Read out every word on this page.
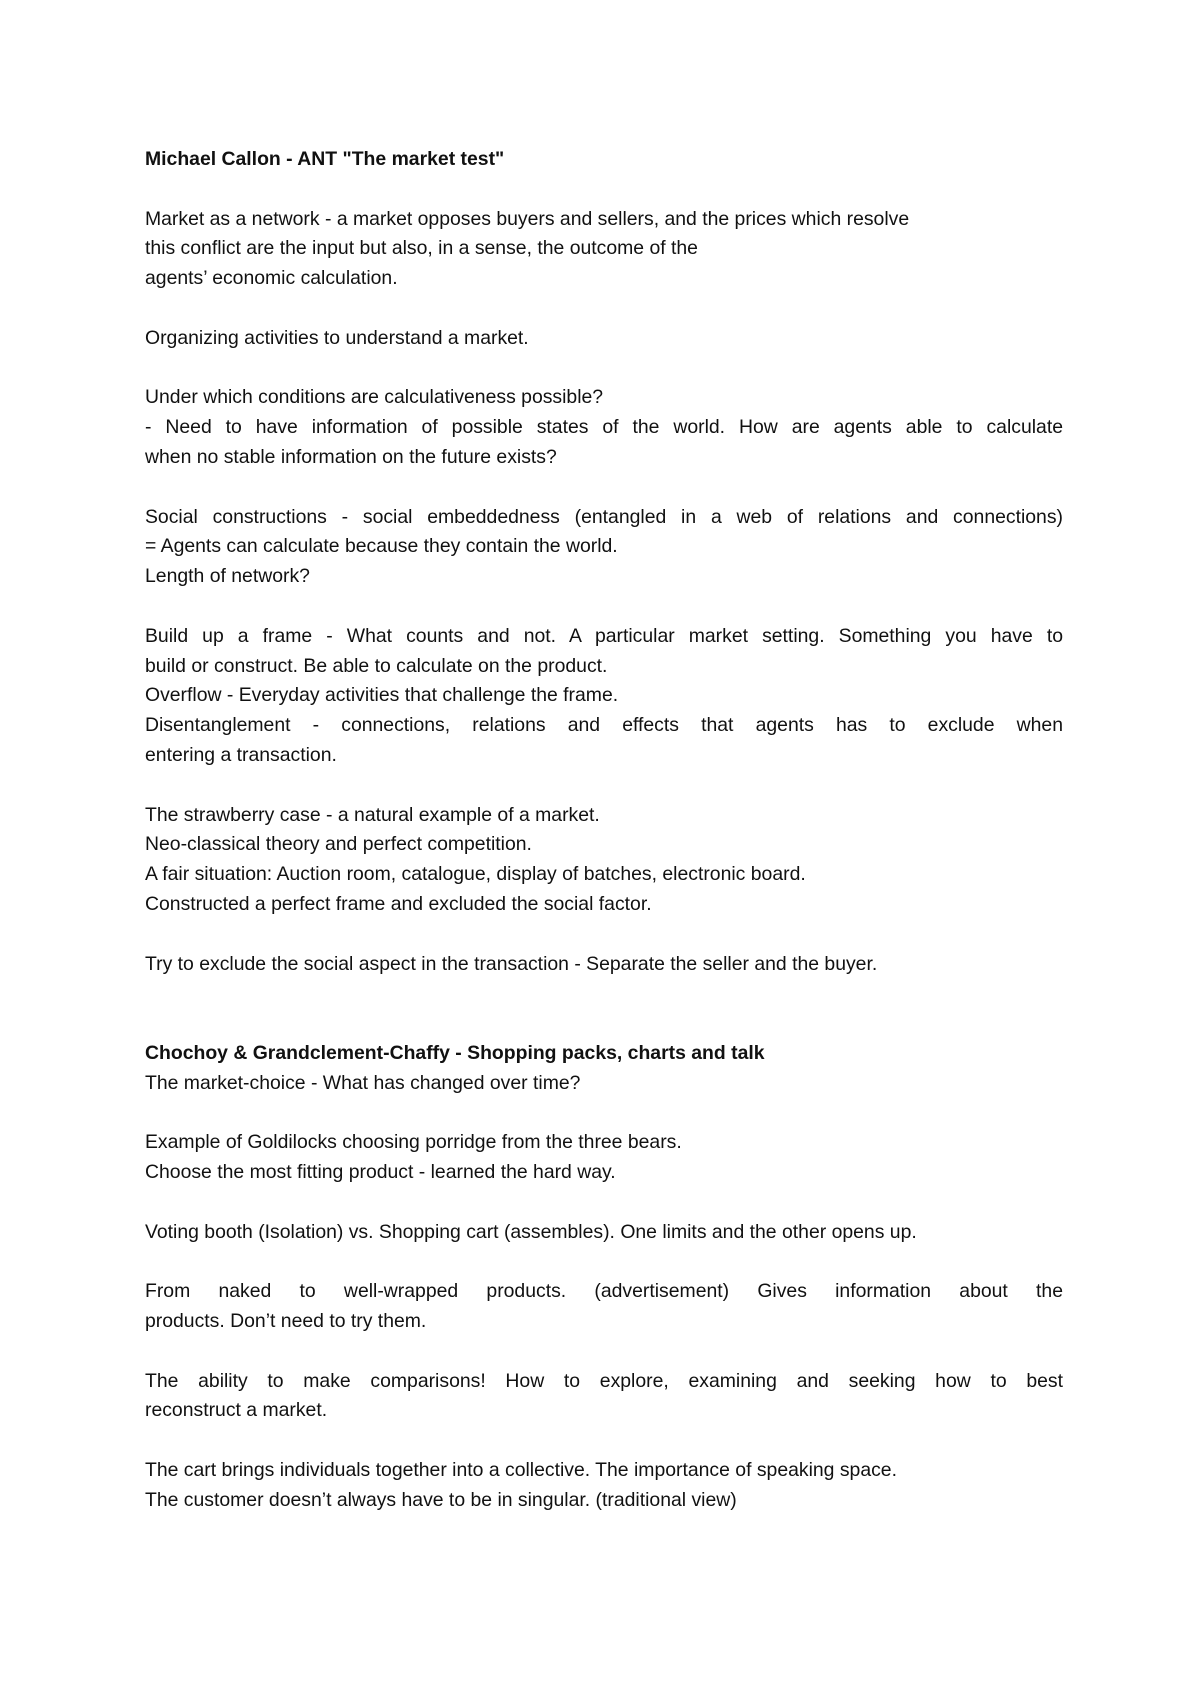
Michael Callon - ANT "The market test"
Market as a network - a market opposes buyers and sellers, and the prices which resolve
this conflict are the input but also, in a sense, the outcome of the
agents’ economic calculation.
Organizing activities to understand a market.
Under which conditions are calculativeness possible?
- Need to have information of possible states of the world. How are agents able to calculate
when no stable information on the future exists?
Social constructions - social embeddedness (entangled in a web of relations and connections)
= Agents can calculate because they contain the world.
Length of network?
Build up a frame - What counts and not. A particular market setting. Something you have to
build or construct. Be able to calculate on the product.
Overflow - Everyday activities that challenge the frame.
Disentanglement - connections, relations and effects that agents has to exclude when
entering a transaction.
The strawberry case - a natural example of a market.
Neo-classical theory and perfect competition.
A fair situation: Auction room, catalogue, display of batches, electronic board.
Constructed a perfect frame and excluded the social factor.
Try to exclude the social aspect in the transaction - Separate the seller and the buyer.
Chochoy & Grandclement-Chaffy - Shopping packs, charts and talk
The market-choice - What has changed over time?
Example of Goldilocks choosing porridge from the three bears.
Choose the most fitting product - learned the hard way.
Voting booth (Isolation) vs. Shopping cart (assembles). One limits and the other opens up.
From naked to well-wrapped products. (advertisement) Gives information about the
products. Don’t need to try them.
The ability to make comparisons! How to explore, examining and seeking how to best
reconstruct a market.
The cart brings individuals together into a collective. The importance of speaking space.
The customer doesn’t always have to be in singular. (traditional view)
